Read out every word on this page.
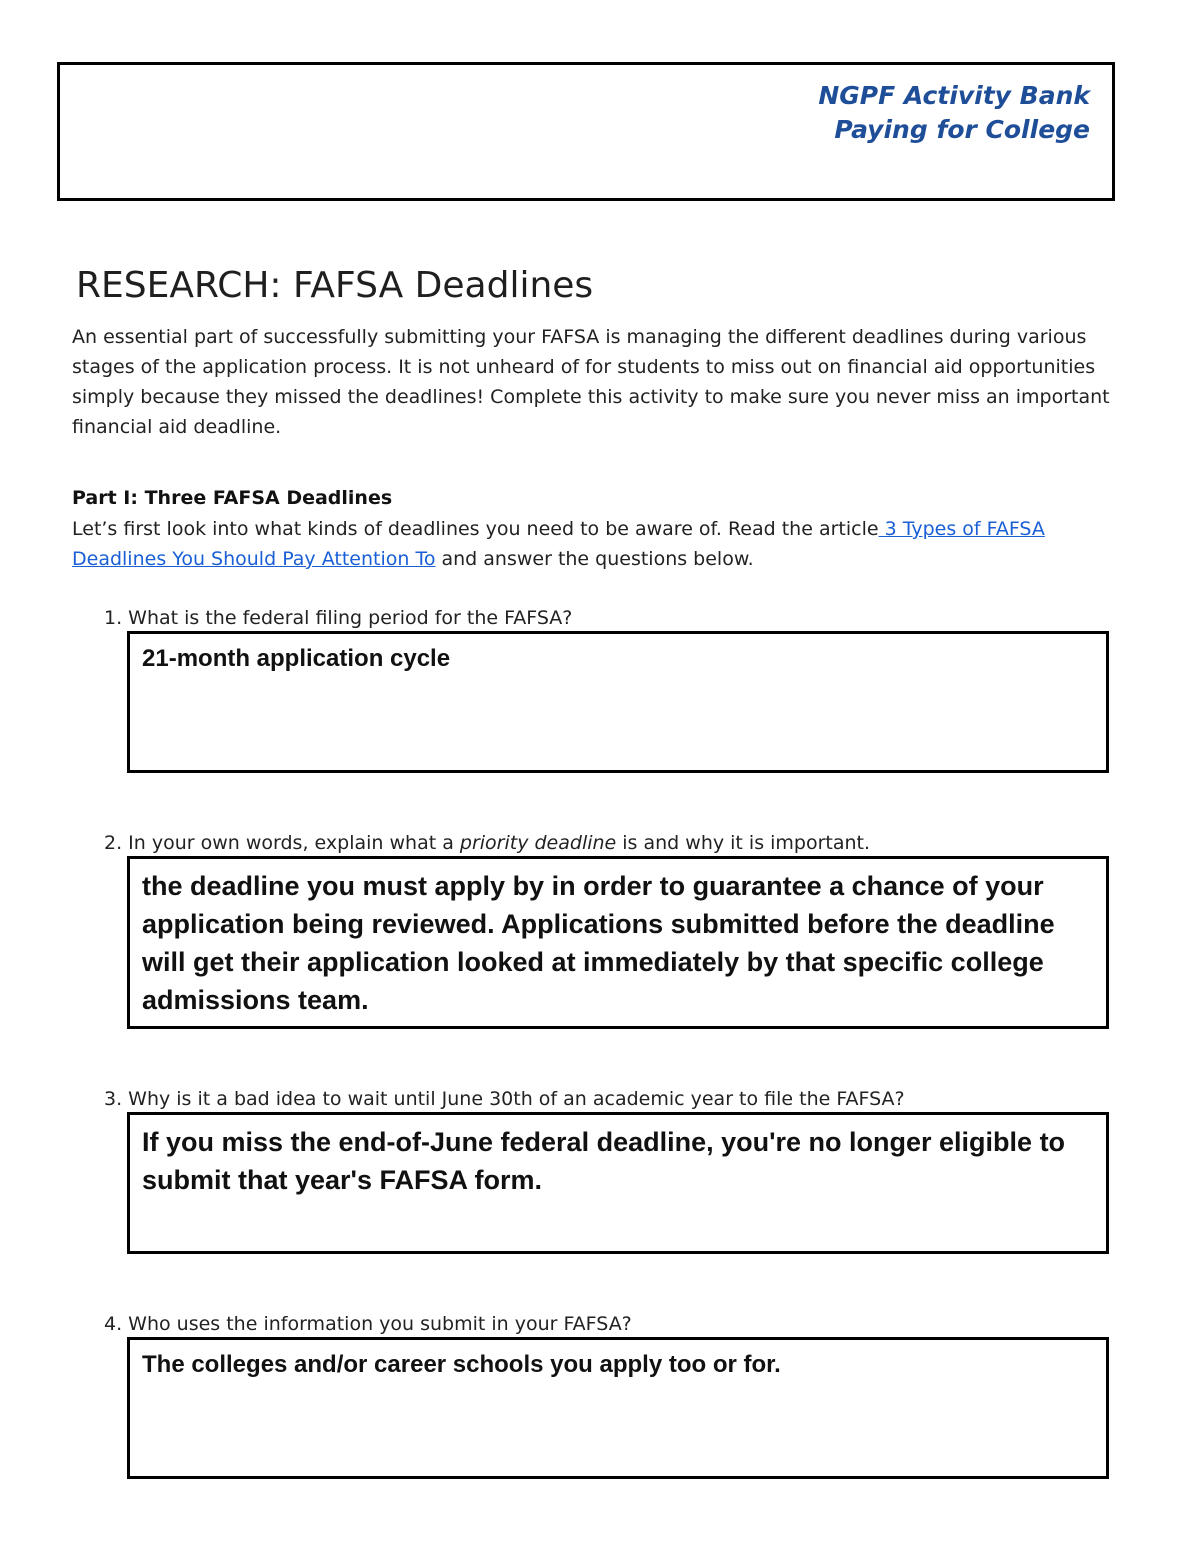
NGPF Activity Bank
Paying for College
RESEARCH: FAFSA Deadlines

An essential part of successfully submitting your FAFSA is managing the different deadlines during various stages of the application process. It is not unheard of for students to miss out on financial aid opportunities simply because they missed the deadlines! Complete this activity to make sure you never miss an important financial aid deadline.

Part I: Three FAFSA Deadlines

Let’s first look into what kinds of deadlines you need to be aware of. Read the article 3 Types of FAFSA Deadlines You Should Pay Attention To and answer the questions below.

1. What is the federal filing period for the FAFSA?
21-month application cycle
2. In your own words, explain what a priority deadline is and why it is important.
the deadline you must apply by in order to guarantee a chance of your application being reviewed. Applications submitted before the deadline will get their application looked at immediately by that specific college admissions team.
3. Why is it a bad idea to wait until June 30th of an academic year to file the FAFSA?
If you miss the end-of-June federal deadline, you're no longer eligible to submit that year's FAFSA form.
4. Who uses the information you submit in your FAFSA?
The colleges and/or career schools you apply too or for.
